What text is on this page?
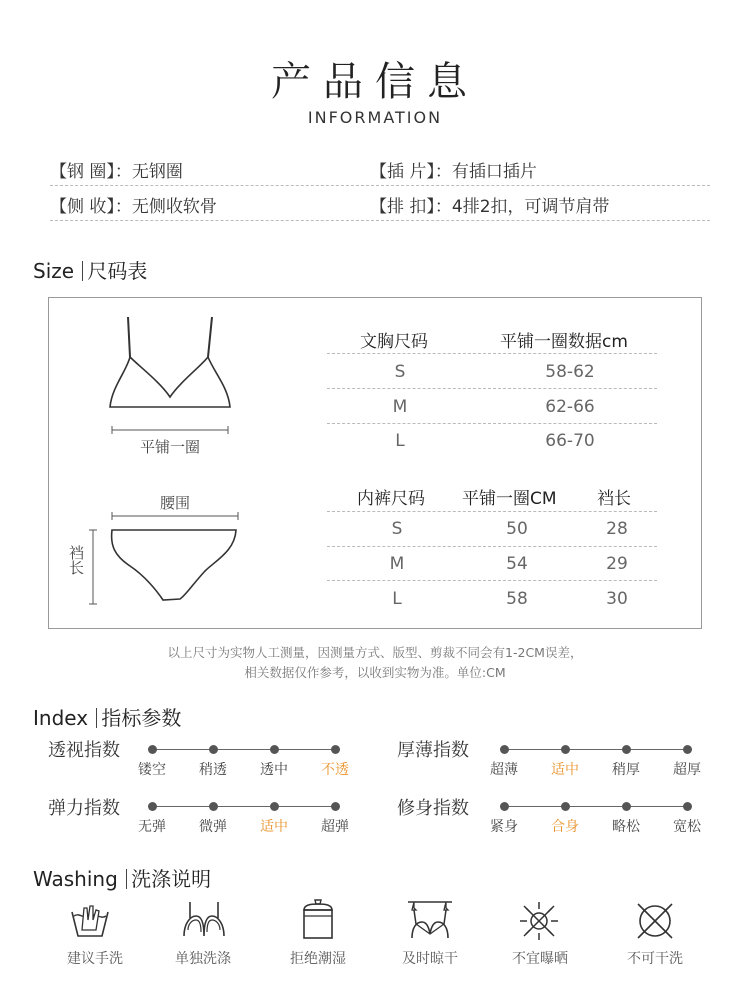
产品信息
INFORMATION
【钢 圈】：无钢圈	【插 片】：有插口插片
【侧 收】：无侧收软骨	【排 扣】：4排2扣，可调节肩带
Size 尺码表
平铺一圈
腰围
裆长
文胸尺码	平铺一圈数据cm
S	58-62
M	62-66
L	66-70
内裤尺码 平铺一圈CM 裆长
S	50	28
M	54	29
L	58	30
以上尺寸为实物人工测量，因测量方式、版型、剪裁不同会有1-2CM误差，
相关数据仅作参考，以收到实物为准。单位:CM
Index 指标参数
透视指数
镂空	稍透	透中	不透
厚薄指数
超薄	适中	稍厚	超厚
弹力指数
无弹	微弹	适中	超弹
修身指数
紧身	合身	略松	宽松
Washing 洗涤说明
建议手洗	单独洗涤	拒绝潮湿	及时晾干	不宜曝晒	不可干洗
